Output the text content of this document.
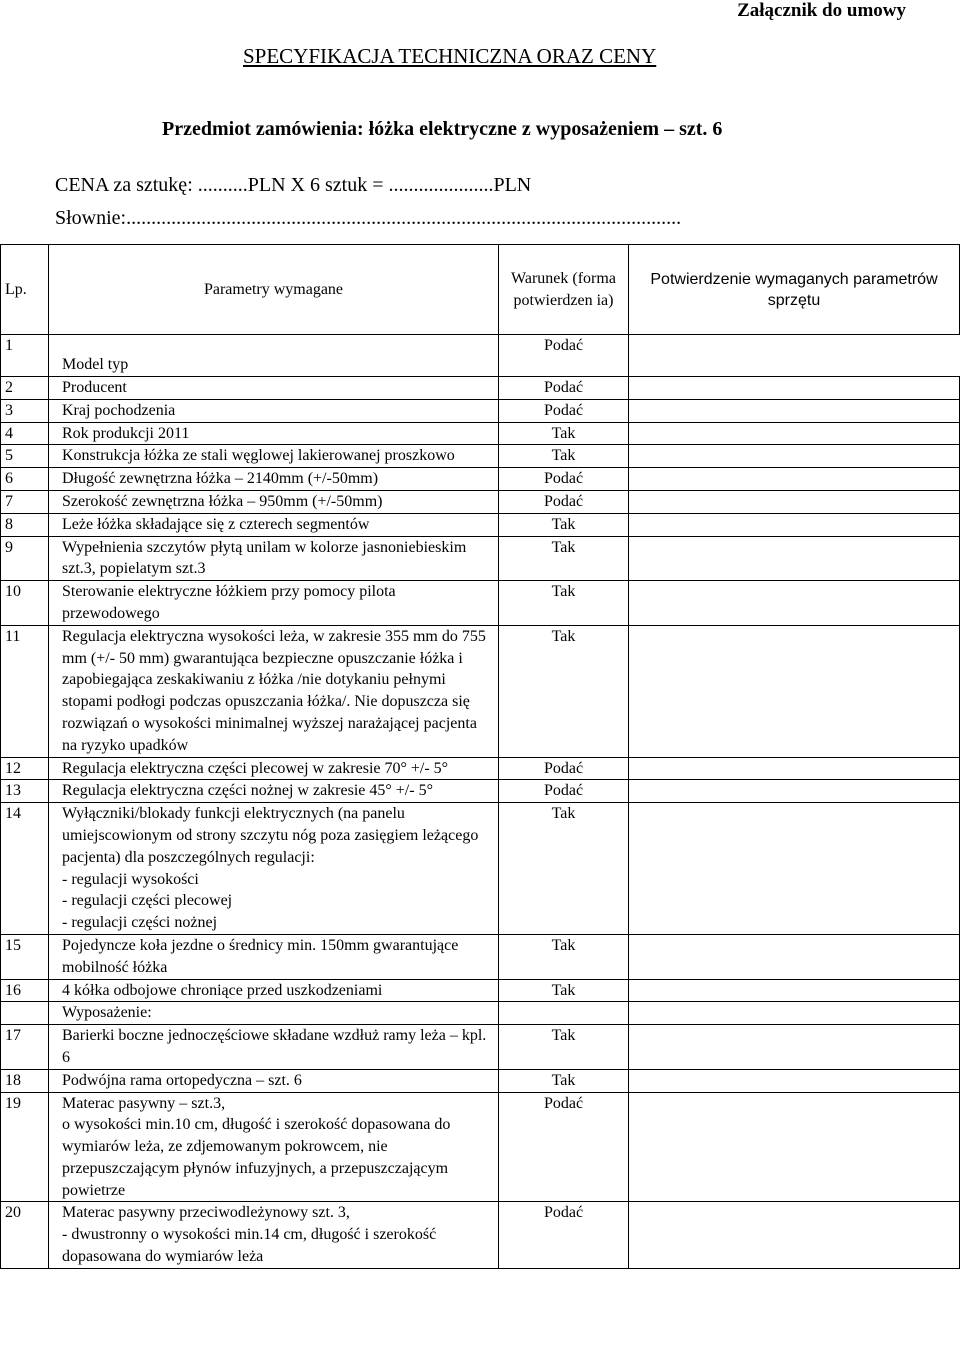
Załącznik do umowy
SPECYFIKACJA TECHNICZNA ORAZ CENY
Przedmiot zamówienia: łóżka elektryczne z wyposażeniem – szt. 6
CENA za sztukę: ..........PLN X 6 sztuk = .....................PLN
Słownie:...............................................................................................................
Lp.	Parametry wymagane	Warunek (forma potwierdzen ia)	Potwierdzenie wymaganych parametrów sprzętu
1	Model typ	Podać	
2	Producent	Podać	
3	Kraj pochodzenia	Podać	
4	Rok produkcji 2011	Tak	
5	Konstrukcja łóżka ze stali węglowej lakierowanej proszkowo	Tak	
6	Długość zewnętrzna łóżka – 2140mm (+/-50mm)	Podać	
7	Szerokość zewnętrzna łóżka – 950mm (+/-50mm)	Podać	
8	Leże łóżka składające się z czterech segmentów	Tak	
9	Wypełnienia szczytów płytą unilam w kolorze jasnoniebieskim szt.3, popielatym szt.3	Tak	
10	Sterowanie elektryczne łóżkiem przy pomocy pilota przewodowego	Tak	
11	Regulacja elektryczna wysokości leża, w zakresie 355 mm do 755 mm (+/- 50 mm) gwarantująca bezpieczne opuszczanie łóżka i zapobiegająca zeskakiwaniu z łóżka /nie dotykaniu pełnymi stopami podłogi podczas opuszczania łóżka/. Nie dopuszcza się rozwiązań o wysokości minimalnej wyższej narażającej pacjenta na ryzyko upadków	Tak	
12	Regulacja elektryczna części plecowej w zakresie 70° +/- 5°	Podać	
13	Regulacja elektryczna części nożnej w zakresie 45° +/- 5°	Podać	
14	Wyłączniki/blokady funkcji elektrycznych (na panelu umiejscowionym od strony szczytu nóg poza zasięgiem leżącego pacjenta) dla poszczególnych regulacji:
- regulacji wysokości
- regulacji części plecowej
- regulacji części nożnej	Tak	
15	Pojedyncze koła jezdne o średnicy min. 150mm gwarantujące mobilność łóżka	Tak	
16	4 kółka odbojowe chroniące przed uszkodzeniami	Tak	
	Wyposażenie:		
17	Barierki boczne jednoczęściowe składane wzdłuż ramy leża – kpl. 6	Tak	
18	Podwójna rama ortopedyczna – szt. 6	Tak	
19	Materac pasywny – szt.3,
o wysokości min.10 cm, długość i szerokość dopasowana do wymiarów leża, ze zdjemowanym pokrowcem, nie przepuszczającym płynów infuzyjnych, a przepuszczającym powietrze	Podać	
20	Materac pasywny przeciwodleżynowy szt. 3,
- dwustronny o wysokości min.14 cm, długość i szerokość dopasowana do wymiarów leża	Podać	
